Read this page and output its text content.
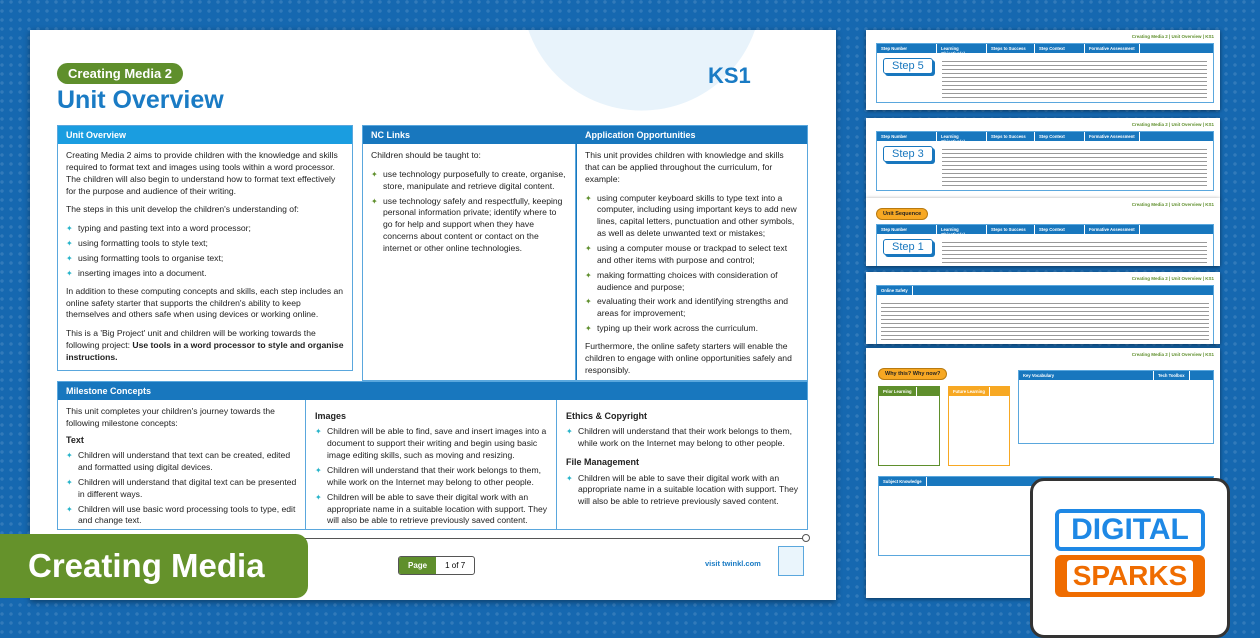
Creating Media 2
Unit Overview
KS1
Unit Overview

Creating Media 2 aims to provide children with the knowledge and skills required to format text and images using tools within a word processor. The children will also begin to understand how to format text effectively for the purpose and audience of their writing.

The steps in this unit develop the children's understanding of:

✦ typing and pasting text into a word processor;
✦ using formatting tools to style text;
✦ using formatting tools to organise text;
✦ inserting images into a document.

In addition to these computing concepts and skills, each step includes an online safety starter that supports the children's ability to keep themselves and others safe when using devices or working online.

This is a 'Big Project' unit and children will be working towards the following project: Use tools in a word processor to style and organise instructions.

Children should be taught to:

✦ use technology purposefully to create, organise, store, manipulate and retrieve digital content.
✦ use technology safely and respectfully, keeping personal information private; identify where to go for help and support when they have concerns about content or contact on the internet or other online technologies.

This unit provides children with knowledge and skills that can be applied throughout the curriculum, for example:

✦ using computer keyboard skills to type text into a computer, including using important keys to add new lines, capital letters, punctuation and other symbols, as well as delete unwanted text or mistakes;
✦ using a computer mouse or trackpad to select text and other items with purpose and control;
✦ making formatting choices with consideration of audience and purpose;
✦ evaluating their work and identifying strengths and areas for improvement;
✦ typing up their work across the curriculum.

Furthermore, the online safety starters will enable the children to engage with online opportunities safely and responsibly.

NC Links	Application Opportunities
Milestone Concepts

This unit completes your children's journey towards the following milestone concepts:

Text
✦ Children will understand that text can be created, edited and formatted using digital devices.
✦ Children will understand that digital text can be presented in different ways.
✦ Children will use basic word processing tools to type, edit and change text.
Images
✦ Children will be able to find, save and insert images into a document to support their writing and begin using basic image editing skills, such as moving and resizing.
✦ Children will understand that their work belongs to them, while work on the Internet may belong to other people.
✦ Children will be able to save their digital work with an appropriate name in a suitable location with support. They will also be able to retrieve previously saved content.
Ethics & Copyright
✦ Children will understand that their work belongs to them, while work on the Internet may belong to other people.
File Management
✦ Children will be able to save their digital work with an appropriate name in a suitable location with support. They will also be able to retrieve previously saved content.
Page	1 of 7	visit twinkl.com
Creating Media
Creating Media 2 | Unit Overview | KS1
Step Number	Learning Objective(s)
Steps to Success	Step Context	Formative Assessment
Step 5
Creating Media 2 | Unit Overview | KS1
Step Number	Learning Objective(s)
Steps to Success	Step Context	Formative Assessment
Step 3
Creating Media 2 | Unit Overview | KS1
Unit Sequence
Step Number	Learning Objective(s)
Steps to Success	Step Context	Formative Assessment
Step 1
Creating Media 2 | Unit Overview | KS1
Online Safety
Creating Media 2 | Unit Overview | KS1
Why this? Why now?
Prior Learning	Future Learning
Key Vocabulary	Tech Toolbox
Subject Knowledge
DIGITAL
SPARKS
